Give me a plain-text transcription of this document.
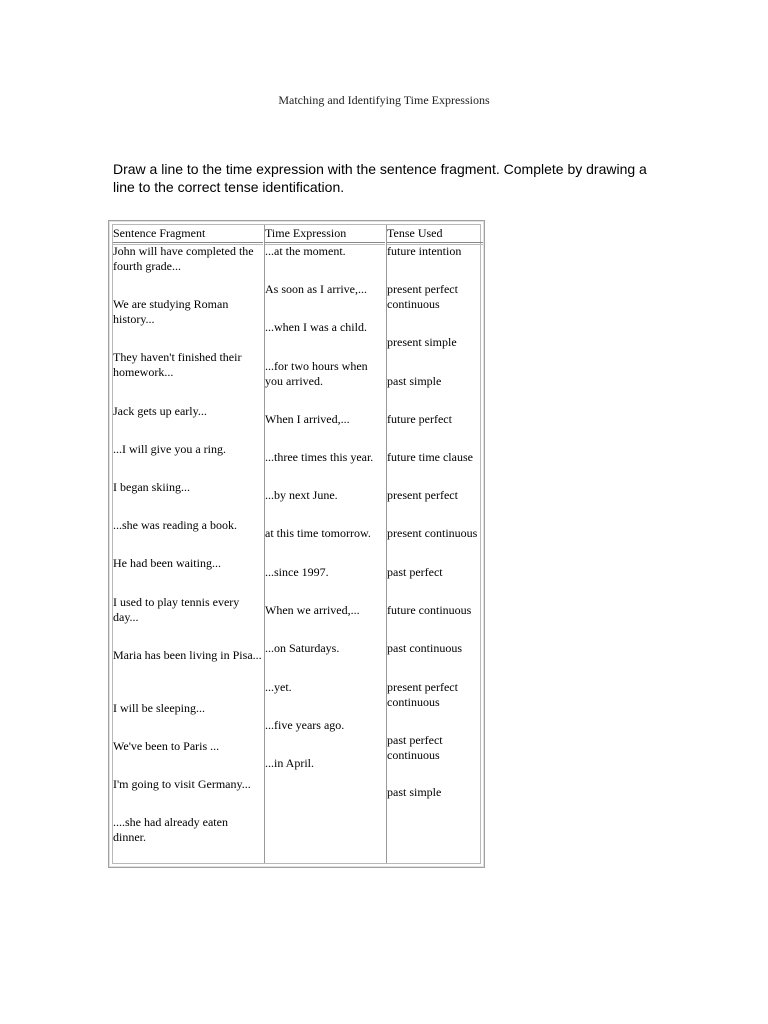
Matching and Identifying Time Expressions
Draw a line to the time expression with the sentence fragment. Complete by drawing a line to the correct tense identification.
Sentence Fragment
John will have completed the fourth grade...
We are studying Roman history...
They haven't finished their homework...
Jack gets up early...
...I will give you a ring.
I began skiing...
...she was reading a book.
He had been waiting...
I used to play tennis every day...
Maria has been living in Pisa...
I will be sleeping...
We've been to Paris ...
I'm going to visit Germany...
....she had already eaten dinner.
Time Expression
...at the moment.
As soon as I arrive,...
...when I was a child.
...for two hours when you arrived.
When I arrived,...
...three times this year.
...by next June.
at this time tomorrow.
...since 1997.
When we arrived,...
...on Saturdays.
...yet.
...five years ago.
...in April.
Tense Used
future intention
present perfect continuous
present simple
past simple
future perfect
future time clause
present perfect
present continuous
past perfect
future continuous
past continuous
present perfect continuous
past perfect continuous
past simple
